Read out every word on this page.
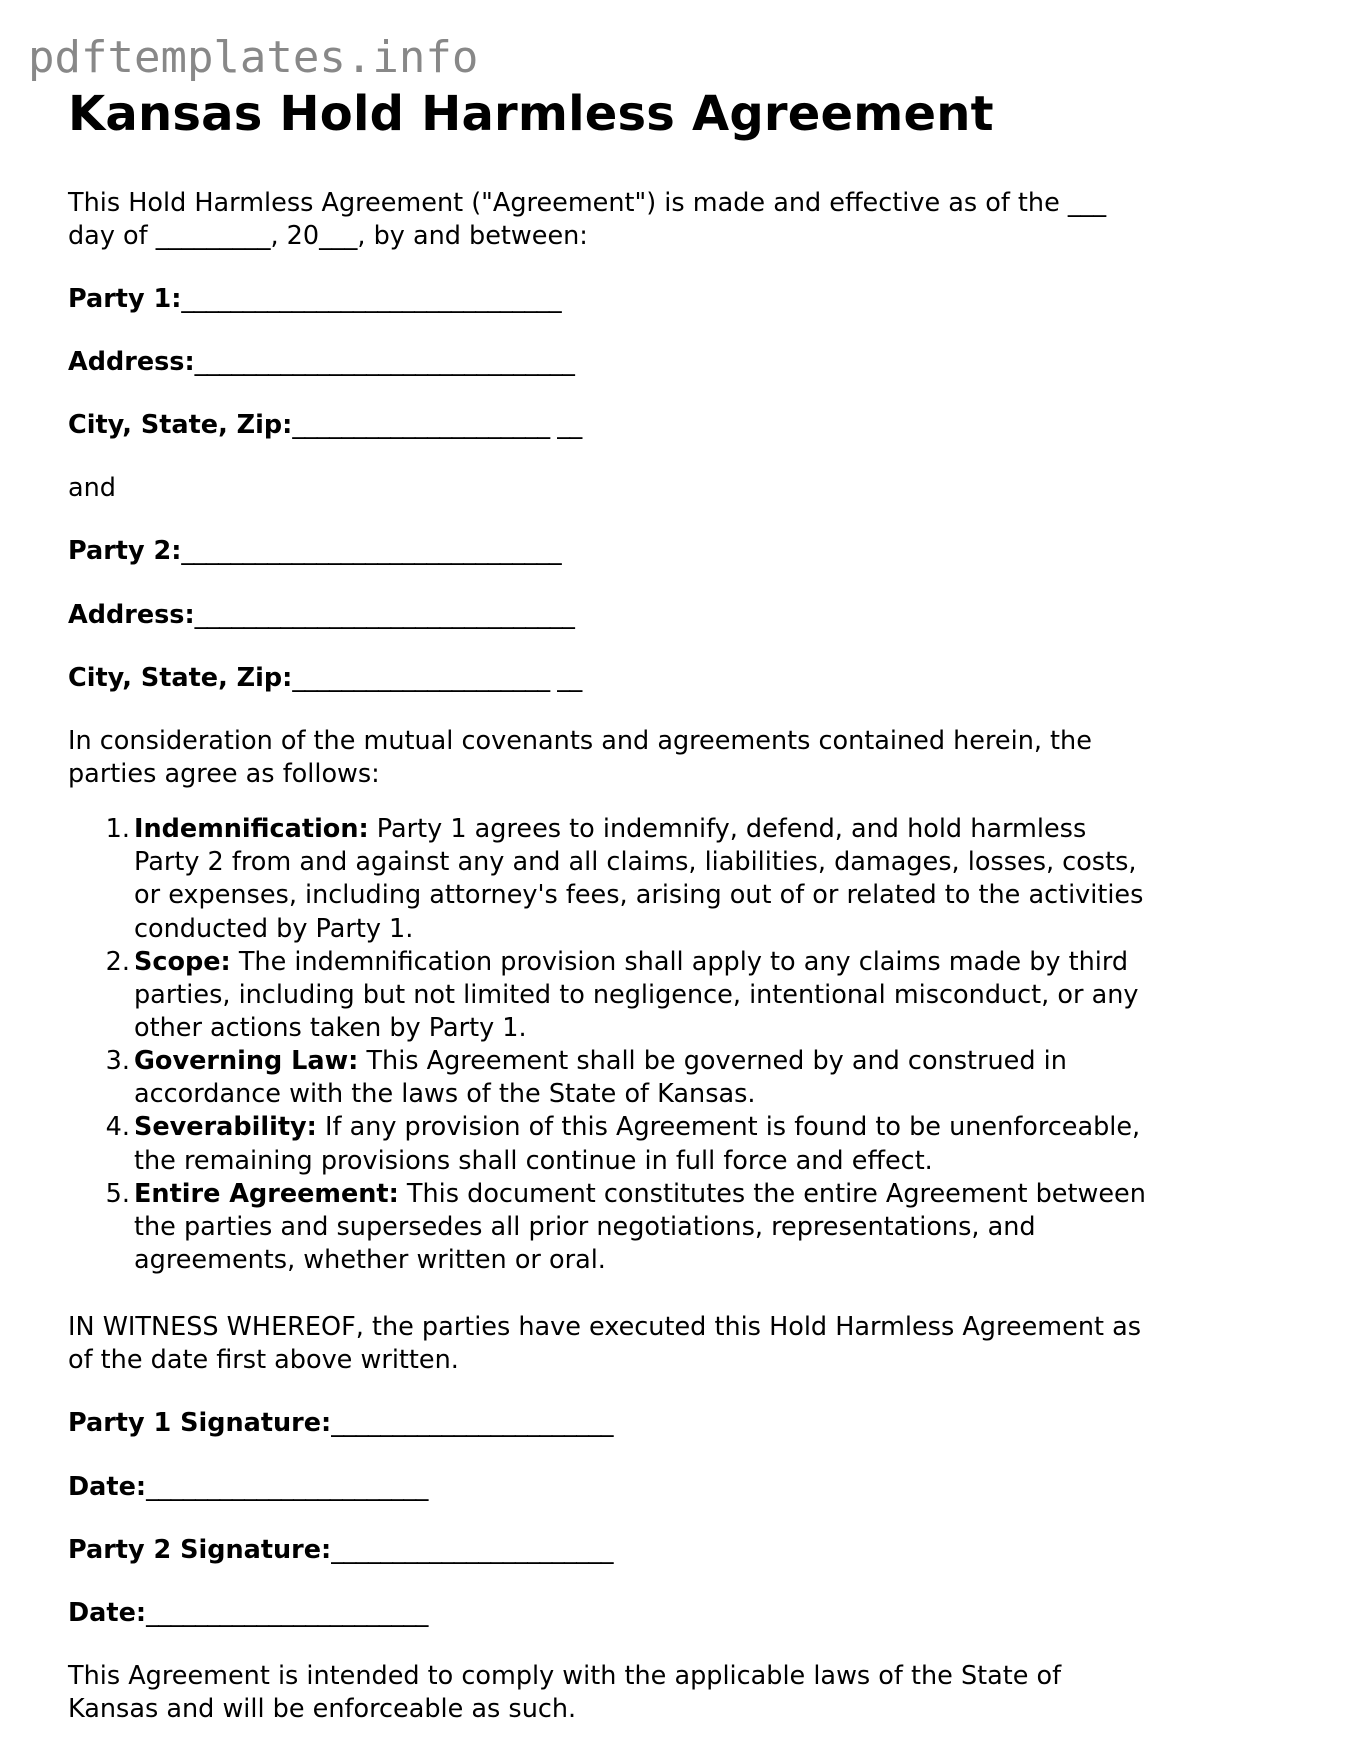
pdftemplates.info
Kansas Hold Harmless Agreement

This Hold Harmless Agreement ("Agreement") is made and effective as of the ___ day of _________, 20___, by and between:

Party 1:_______________________________
Address:_______________________________
City, State, Zip:_____________________ __

and

Party 2:_______________________________
Address:_______________________________
City, State, Zip:_____________________ __

In consideration of the mutual covenants and agreements contained herein, the parties agree as follows:

Indemnification: Party 1 agrees to indemnify, defend, and hold harmless Party 2 from and against any and all claims, liabilities, damages, losses, costs, or expenses, including attorney's fees, arising out of or related to the activities conducted by Party 1.
Scope: The indemnification provision shall apply to any claims made by third parties, including but not limited to negligence, intentional misconduct, or any other actions taken by Party 1.
Governing Law: This Agreement shall be governed by and construed in accordance with the laws of the State of Kansas.
Severability: If any provision of this Agreement is found to be unenforceable, the remaining provisions shall continue in full force and effect.
Entire Agreement: This document constitutes the entire Agreement between the parties and supersedes all prior negotiations, representations, and agreements, whether written or oral.

IN WITNESS WHEREOF, the parties have executed this Hold Harmless Agreement as of the date first above written.

Party 1 Signature:_______________________
Date:_______________________
Party 2 Signature:_______________________
Date:_______________________

This Agreement is intended to comply with the applicable laws of the State of Kansas and will be enforceable as such.
